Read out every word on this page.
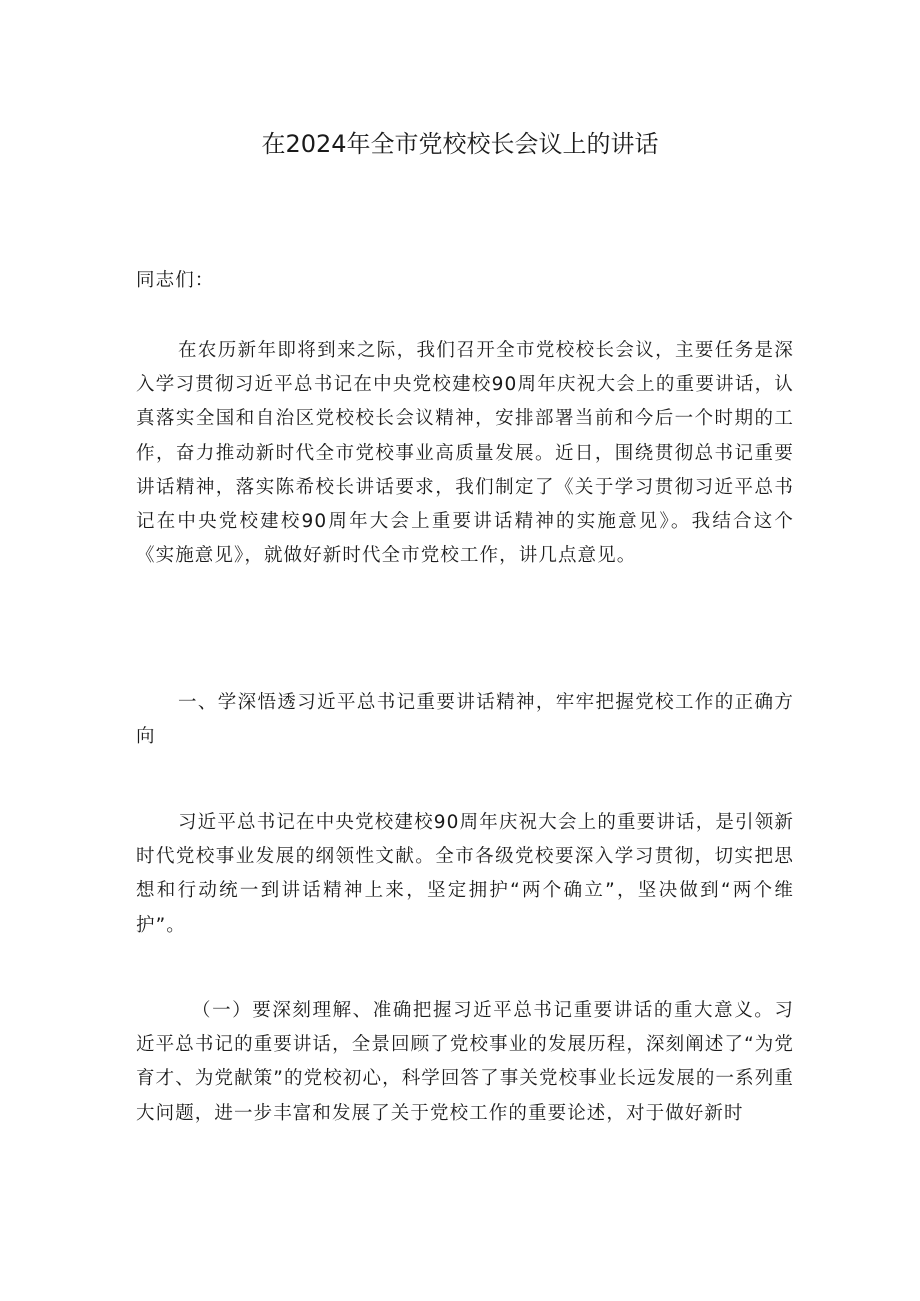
在2024年全市党校校长会议上的讲话

同志们：

在农历新年即将到来之际，我们召开全市党校校长会议，主要任务是深入学习贯彻习近平总书记在中央党校建校90周年庆祝大会上的重要讲话，认真落实全国和自治区党校校长会议精神，安排部署当前和今后一个时期的工作，奋力推动新时代全市党校事业高质量发展。近日，围绕贯彻总书记重要讲话精神，落实陈希校长讲话要求，我们制定了《关于学习贯彻习近平总书记在中央党校建校90周年大会上重要讲话精神的实施意见》。我结合这个《实施意见》，就做好新时代全市党校工作，讲几点意见。

一、学深悟透习近平总书记重要讲话精神，牢牢把握党校工作的正确方向

习近平总书记在中央党校建校90周年庆祝大会上的重要讲话，是引领新时代党校事业发展的纲领性文献。全市各级党校要深入学习贯彻，切实把思想和行动统一到讲话精神上来，坚定拥护“两个确立”，坚决做到“两个维护”。

（一）要深刻理解、准确把握习近平总书记重要讲话的重大意义。习近平总书记的重要讲话，全景回顾了党校事业的发展历程，深刻阐述了“为党育才、为党献策”的党校初心，科学回答了事关党校事业长远发展的一系列重大问题，进一步丰富和发展了关于党校工作的重要论述，对于做好新时
